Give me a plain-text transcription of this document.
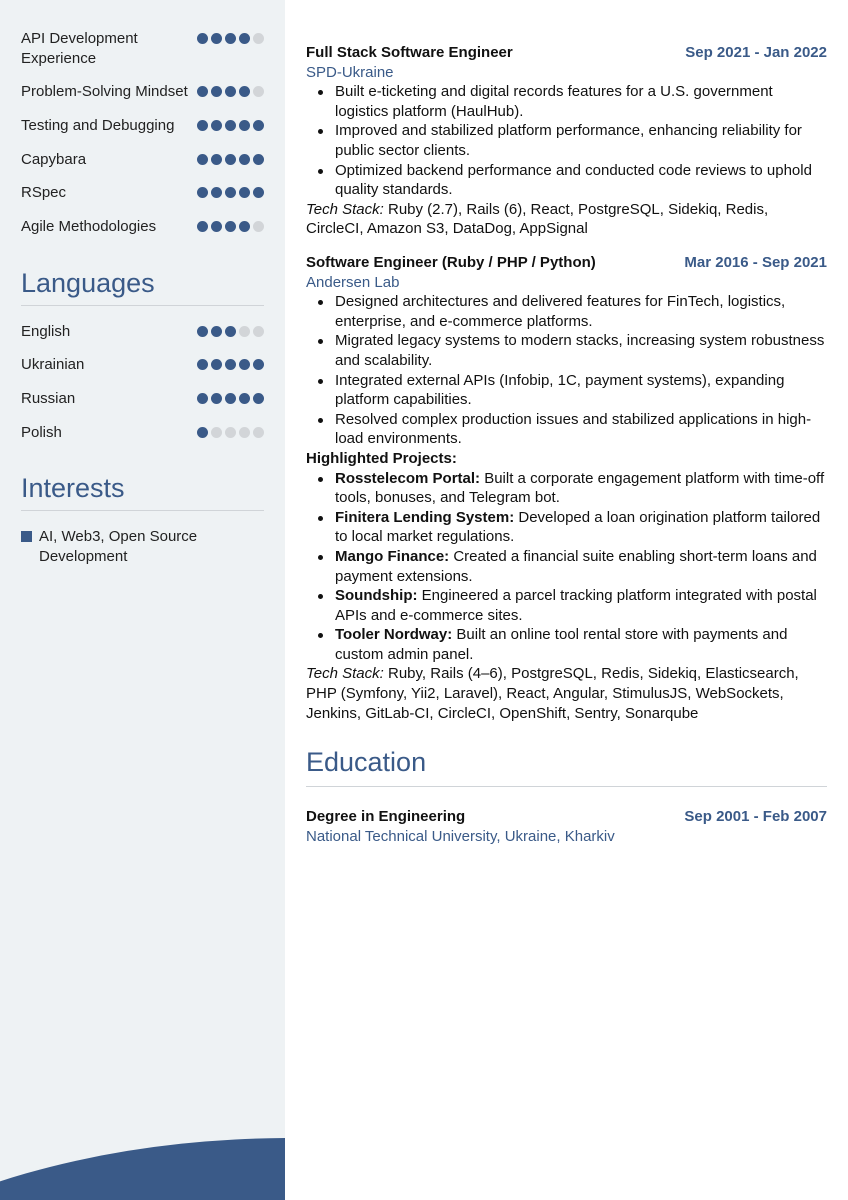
API Development Experience
Problem-Solving Mindset
Testing and Debugging
Capybara
RSpec
Agile Methodologies
Languages
English
Ukrainian
Russian
Polish
Interests
AI, Web3, Open Source Development
Full Stack Software Engineer	Sep 2021 - Jan 2022
SPD-Ukraine
Built e-ticketing and digital records features for a U.S. government logistics platform (HaulHub).
Improved and stabilized platform performance, enhancing reliability for public sector clients.
Optimized backend performance and conducted code reviews to uphold quality standards.
Tech Stack: Ruby (2.7), Rails (6), React, PostgreSQL, Sidekiq, Redis, CircleCI, Amazon S3, DataDog, AppSignal
Software Engineer (Ruby / PHP / Python)	Mar 2016 - Sep 2021
Andersen Lab
Designed architectures and delivered features for FinTech, logistics, enterprise, and e-commerce platforms.
Migrated legacy systems to modern stacks, increasing system robustness and scalability.
Integrated external APIs (Infobip, 1C, payment systems), expanding platform capabilities.
Resolved complex production issues and stabilized applications in high-load environments.
Highlighted Projects:
Rosstelecom Portal: Built a corporate engagement platform with time-off tools, bonuses, and Telegram bot.
Finitera Lending System: Developed a loan origination platform tailored to local market regulations.
Mango Finance: Created a financial suite enabling short-term loans and payment extensions.
Soundship: Engineered a parcel tracking platform integrated with postal APIs and e-commerce sites.
Tooler Nordway: Built an online tool rental store with payments and custom admin panel.
Tech Stack: Ruby, Rails (4–6), PostgreSQL, Redis, Sidekiq, Elasticsearch, PHP (Symfony, Yii2, Laravel), React, Angular, StimulusJS, WebSockets, Jenkins, GitLab-CI, CircleCI, OpenShift, Sentry, Sonarqube
Education
Degree in Engineering	Sep 2001 - Feb 2007
National Technical University, Ukraine, Kharkiv
